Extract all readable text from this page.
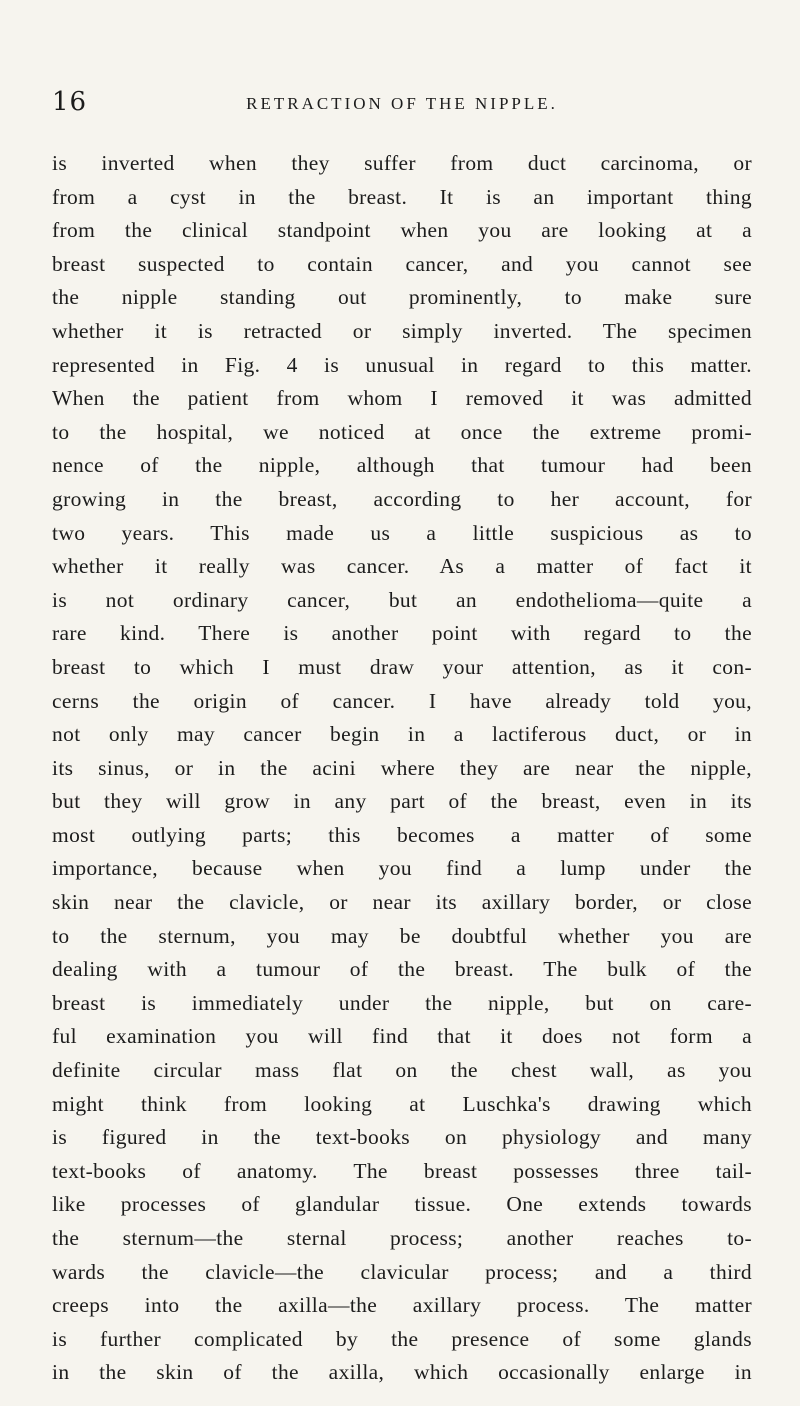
16	RETRACTION OF THE NIPPLE.
is inverted when they suffer from duct carcinoma, or
from a cyst in the breast. It is an important thing
from the clinical standpoint when you are looking at a
breast suspected to contain cancer, and you cannot see
the nipple standing out prominently, to make sure
whether it is retracted or simply inverted. The specimen
represented in Fig. 4 is unusual in regard to this matter.
When the patient from whom I removed it was admitted
to the hospital, we noticed at once the extreme promi-
nence of the nipple, although that tumour had been
growing in the breast, according to her account, for
two years. This made us a little suspicious as to
whether it really was cancer. As a matter of fact it
is not ordinary cancer, but an endothelioma—quite a
rare kind. There is another point with regard to the
breast to which I must draw your attention, as it con-
cerns the origin of cancer. I have already told you,
not only may cancer begin in a lactiferous duct, or in
its sinus, or in the acini where they are near the nipple,
but they will grow in any part of the breast, even in its
most outlying parts; this becomes a matter of some
importance, because when you find a lump under the
skin near the clavicle, or near its axillary border, or close
to the sternum, you may be doubtful whether you are
dealing with a tumour of the breast. The bulk of the
breast is immediately under the nipple, but on care-
ful examination you will find that it does not form a
definite circular mass flat on the chest wall, as you
might think from looking at Luschka's drawing which
is figured in the text-books on physiology and many
text-books of anatomy. The breast possesses three tail-
like processes of glandular tissue. One extends towards
the sternum—the sternal process; another reaches to-
wards the clavicle—the clavicular process; and a third
creeps into the axilla—the axillary process. The matter
is further complicated by the presence of some glands
in the skin of the axilla, which occasionally enlarge in
